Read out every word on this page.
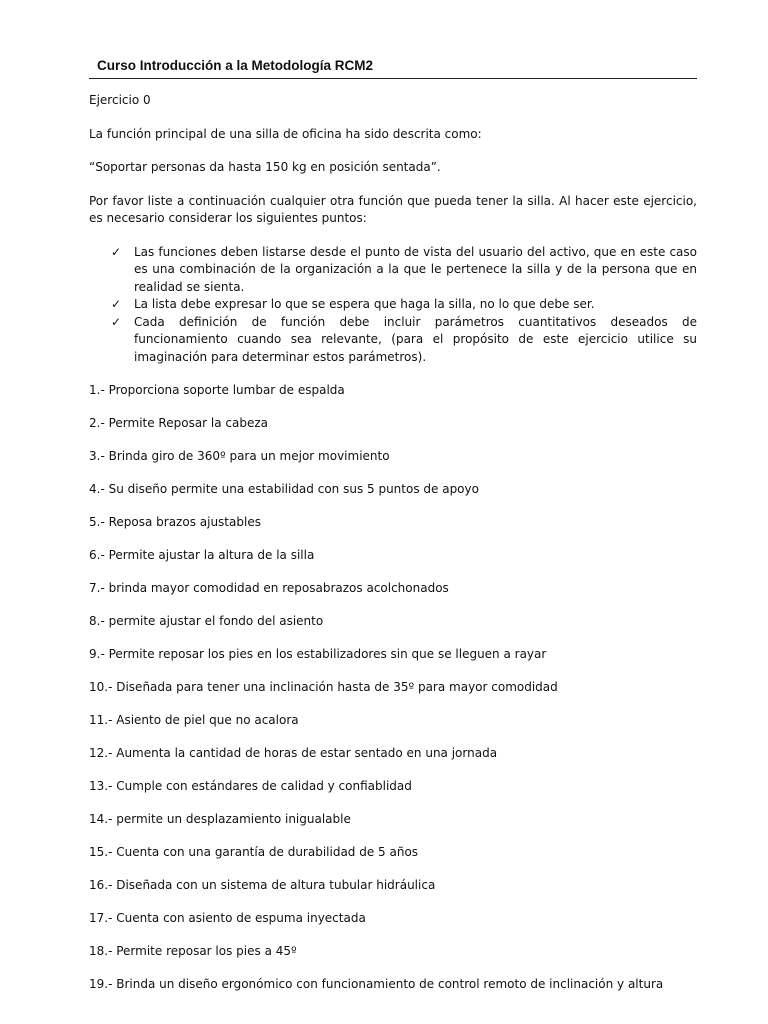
Curso Introducción a la Metodología RCM2

Ejercicio 0

La función principal de una silla de oficina ha sido descrita como:

“Soportar personas da hasta 150 kg en posición sentada”.

Por favor liste a continuación cualquier otra función que pueda tener la silla. Al hacer este ejercicio, es necesario considerar los siguientes puntos:

✓ Las funciones deben listarse desde el punto de vista del usuario del activo, que en este caso es una combinación de la organización a la que le pertenece la silla y de la persona que en realidad se sienta.
✓ La lista debe expresar lo que se espera que haga la silla, no lo que debe ser.
✓ Cada definición de función debe incluir parámetros cuantitativos deseados de funcionamiento cuando sea relevante, (para el propósito de este ejercicio utilice su imaginación para determinar estos parámetros).
1.- Proporciona soporte lumbar de espalda
2.- Permite Reposar la cabeza
3.- Brinda giro de 360º para un mejor movimiento
4.- Su diseño permite una estabilidad con sus 5 puntos de apoyo
5.- Reposa brazos ajustables
6.- Permite ajustar la altura de la silla
7.- brinda mayor comodidad en reposabrazos acolchonados
8.- permite ajustar el fondo del asiento
9.- Permite reposar los pies en los estabilizadores sin que se lleguen a rayar
10.- Diseñada para tener una inclinación hasta de 35º para mayor comodidad
11.- Asiento de piel que no acalora
12.- Aumenta la cantidad de horas de estar sentado en una jornada
13.- Cumple con estándares de calidad y confiablidad
14.- permite un desplazamiento inigualable
15.- Cuenta con una garantía de durabilidad de 5 años
16.- Diseñada con un sistema de altura tubular hidráulica
17.- Cuenta con asiento de espuma inyectada
18.- Permite reposar los pies a 45º
19.- Brinda un diseño ergonómico con funcionamiento de control remoto de inclinación y altura
